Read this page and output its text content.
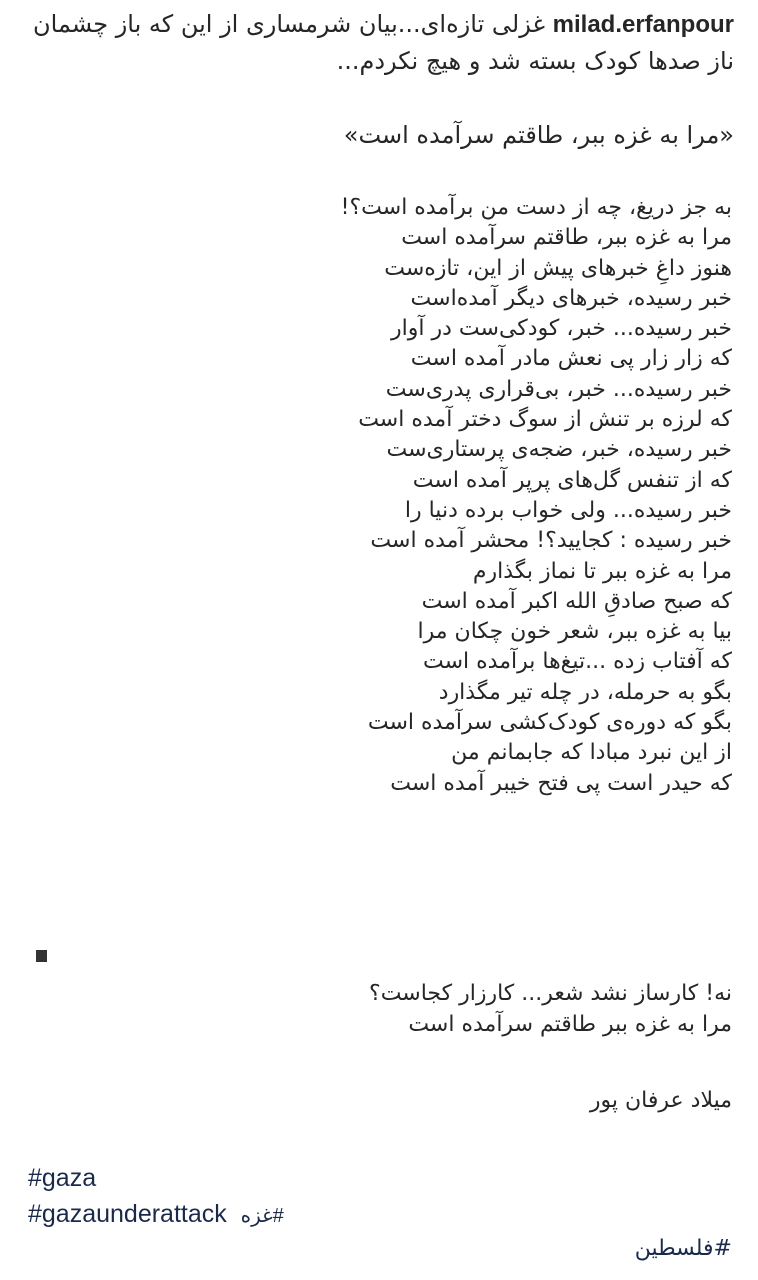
milad.erfanpour غزلی تازه‌ای...بیان شرمساری از این که باز چشمان
ناز صدها کودک بسته شد و هیچ نکردم...
«مرا به غزه ببر، طاقتم سرآمده است»
به جز دریغ، چه از دست من برآمده است؟!
مرا به غزه ببر، طاقتم سرآمده است
هنوز داغِ خبرهای پیش از این، تازه‌ست
خبر رسیده، خبرهای دیگر آمده‌است
خبر رسیده... خبر، کودکی‌ست در آوار
که زار زار پی نعش مادر آمده است
خبر رسیده... خبر، بی‌قراری پدری‌ست
که لرزه بر تنش از سوگ دختر آمده است
خبر رسیده، خبر، ضجه‌ی پرستاری‌ست
که از تنفس گل‌های پرپر آمده است
خبر رسیده... ولی خواب برده دنیا را
خبر رسیده : کجایید؟! محشر آمده است
مرا به غزه ببر تا نماز بگذارم
که صبح صادقِ الله اکبر آمده است
بیا به غزه ببر، شعر خون چکان مرا
که آفتاب زده ...تیغ‌ها برآمده است
بگو به حرمله، در چله تیر مگذارد
بگو که دوره‌ی کودک‌کشی سرآمده است
از این نبرد مبادا که جابمانم من
که حیدر است پی فتح خیبر آمده است
نه! کارساز نشد شعر... کارزار کجاست؟
مرا به غزه ببر طاقتم سرآمده است
میلاد عرفان پور
#gaza
#gazaunderattack #غزه
#فلسطین
